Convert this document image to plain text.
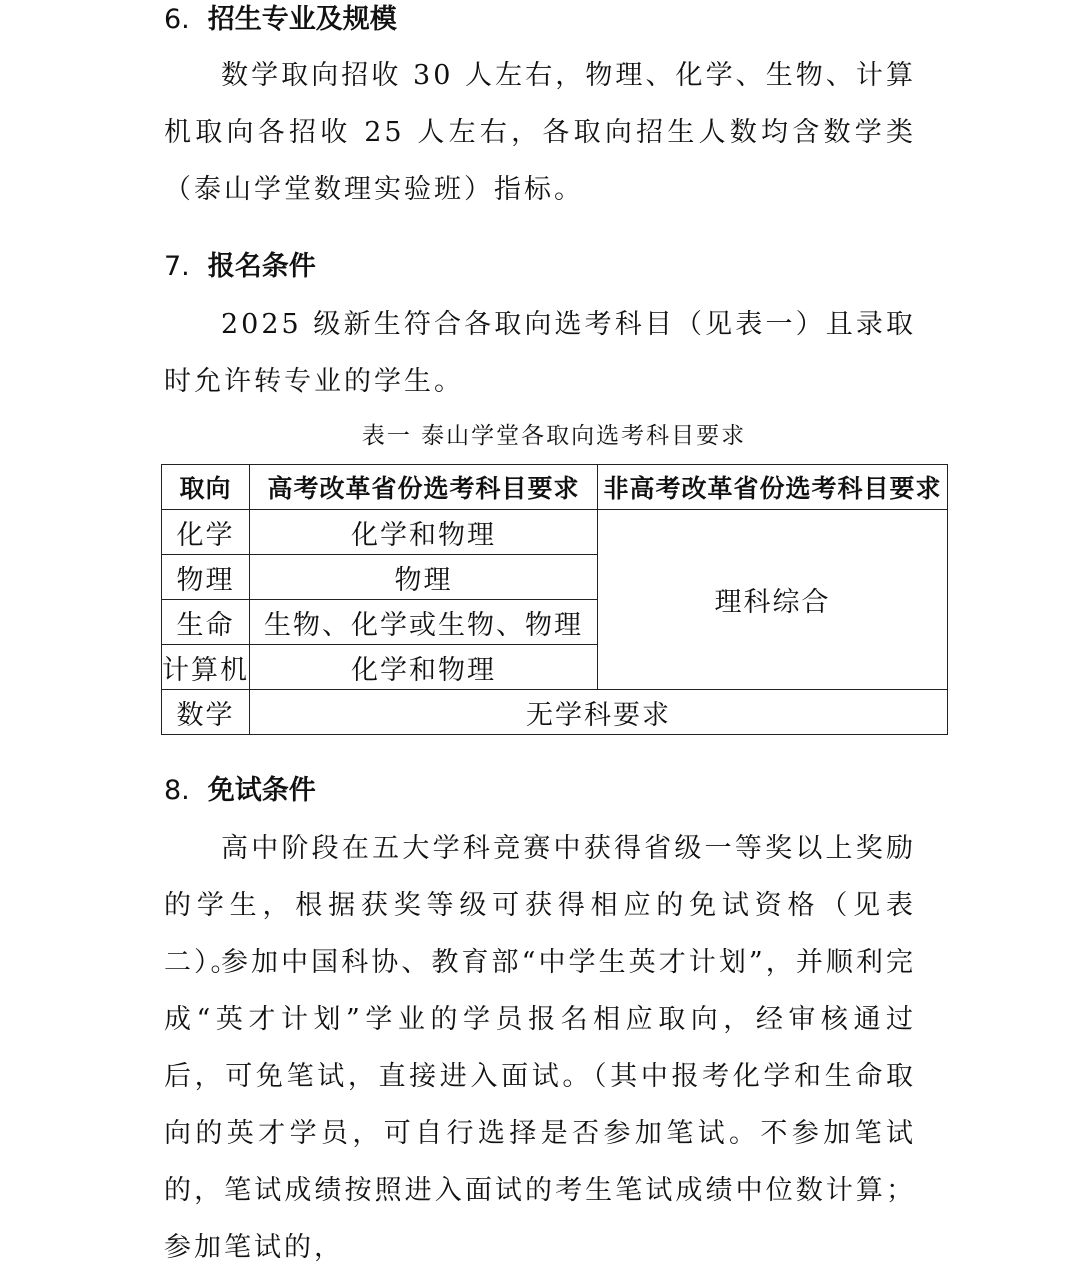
6. 招生专业及规模

数学取向招收 30 人左右，物理、化学、生物、计算机取向各招收 25 人左右，各取向招生人数均含数学类（泰山学堂数理实验班）指标。

7. 报名条件

2025 级新生符合各取向选考科目（见表一）且录取时允许转专业的学生。

表一 泰山学堂各取向选考科目要求
取向	高考改革省份选考科目要求	非高考改革省份选考科目要求
化学	化学和物理	理科综合
物理	物理	
生命	生物、化学或生物、物理	
计算机	化学和物理	
数学	无学科要求	
8. 免试条件

高中阶段在五大学科竞赛中获得省级一等奖以上奖励的学生，根据获奖等级可获得相应的免试资格（见表二）。

参加中国科协、教育部“中学生英才计划”，并顺利完成“英才计划”学业的学员报名相应取向，经审核通过后，可免笔试，直接进入面试。（其中报考化学和生命取向的英才学员，可自行选择是否参加笔试。不参加笔试的，笔试成绩按照进入面试的考生笔试成绩中位数计算；参加笔试的，
